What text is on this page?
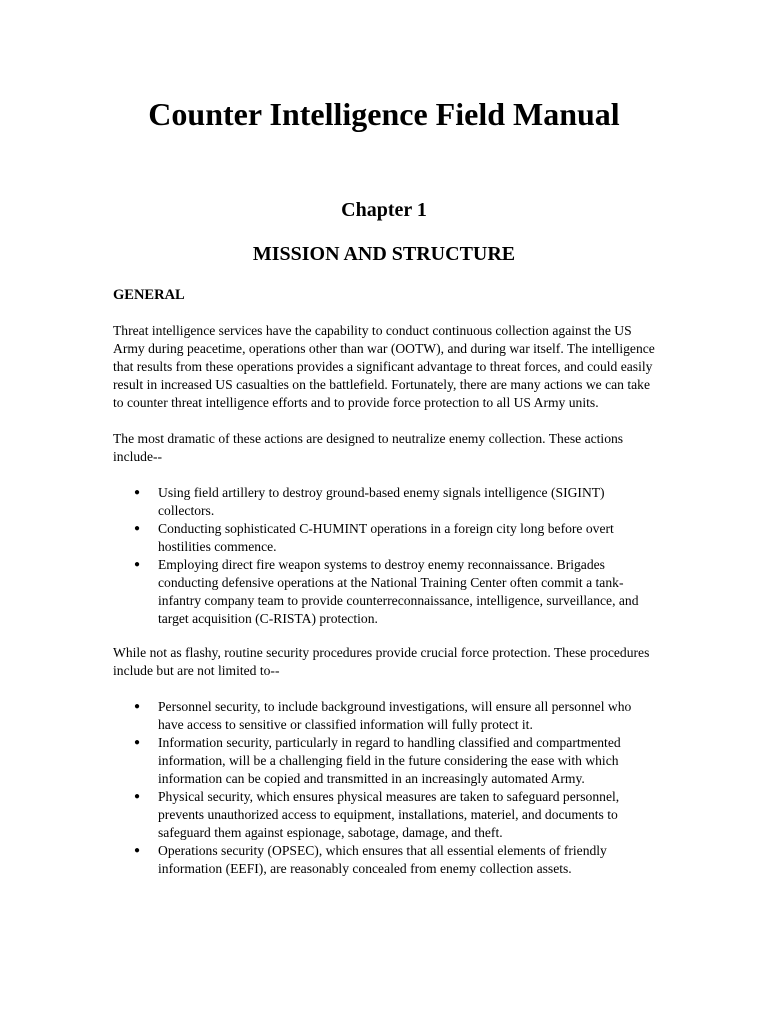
Counter Intelligence Field Manual
Chapter 1
MISSION AND STRUCTURE
GENERAL

Threat intelligence services have the capability to conduct continuous collection against the US Army during peacetime, operations other than war (OOTW), and during war itself. The intelligence that results from these operations provides a significant advantage to threat forces, and could easily result in increased US casualties on the battlefield. Fortunately, there are many actions we can take to counter threat intelligence efforts and to provide force protection to all US Army units.

The most dramatic of these actions are designed to neutralize enemy collection. These actions include--

● Using field artillery to destroy ground-based enemy signals intelligence (SIGINT) collectors.
● Conducting sophisticated C-HUMINT operations in a foreign city long before overt hostilities commence.
● Employing direct fire weapon systems to destroy enemy reconnaissance. Brigades conducting defensive operations at the National Training Center often commit a tank-infantry company team to provide counterreconnaissance, intelligence, surveillance, and target acquisition (C-RISTA) protection.

While not as flashy, routine security procedures provide crucial force protection. These procedures include but are not limited to--

● Personnel security, to include background investigations, will ensure all personnel who have access to sensitive or classified information will fully protect it.
● Information security, particularly in regard to handling classified and compartmented information, will be a challenging field in the future considering the ease with which information can be copied and transmitted in an increasingly automated Army.
● Physical security, which ensures physical measures are taken to safeguard personnel, prevents unauthorized access to equipment, installations, materiel, and documents to safeguard them against espionage, sabotage, damage, and theft.
● Operations security (OPSEC), which ensures that all essential elements of friendly information (EEFI), are reasonably concealed from enemy collection assets.
